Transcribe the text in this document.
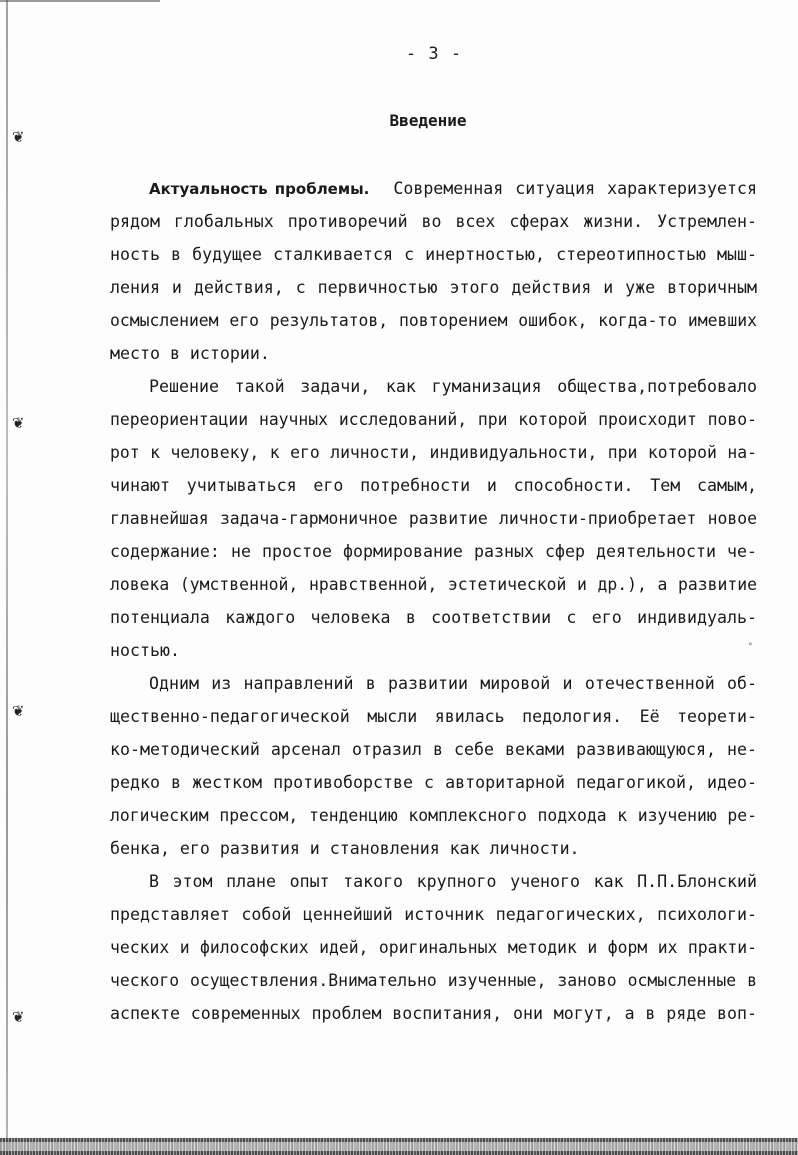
❦
❦
❦
❦
°
- 3 -
Введение
Актуальность проблемы. Современная ситуация характеризуется
рядом глобальных противоречий во всех сферах жизни. Устремлен-
ность в будущее сталкивается с инертностью, стереотипностью мыш-
ления и действия, с первичностью этого действия и уже вторичным
осмыслением его результатов, повторением ошибок, когда-то имевших
место в истории.
Решение такой задачи, как гуманизация общества,потребовало
переориентации научных исследований, при которой происходит пово-
рот к человеку, к его личности, индивидуальности, при которой на-
чинают учитываться его потребности и способности. Тем самым,
главнейшая задача-гармоничное развитие личности-приобретает новое
содержание: не простое формирование разных сфер деятельности че-
ловека (умственной, нравственной, эстетической и др.), а развитие
потенциала каждого человека в соответствии с его индивидуаль-
ностью.
Одним из направлений в развитии мировой и отечественной об-
щественно-педагогической мысли явилась педология. Её теорети-
ко-методический арсенал отразил в себе веками развивающуюся, не-
редко в жестком противоборстве с авторитарной педагогикой, идео-
логическим прессом, тенденцию комплексного подхода к изучению ре-
бенка, его развития и становления как личности.
В этом плане опыт такого крупного ученого как П.П.Блонский
представляет собой ценнейший источник педагогических, психологи-
ческих и философских идей, оригинальных методик и форм их практи-
ческого осуществления.Внимательно изученные, заново осмысленные в
аспекте современных проблем воспитания, они могут, а в ряде воп-
